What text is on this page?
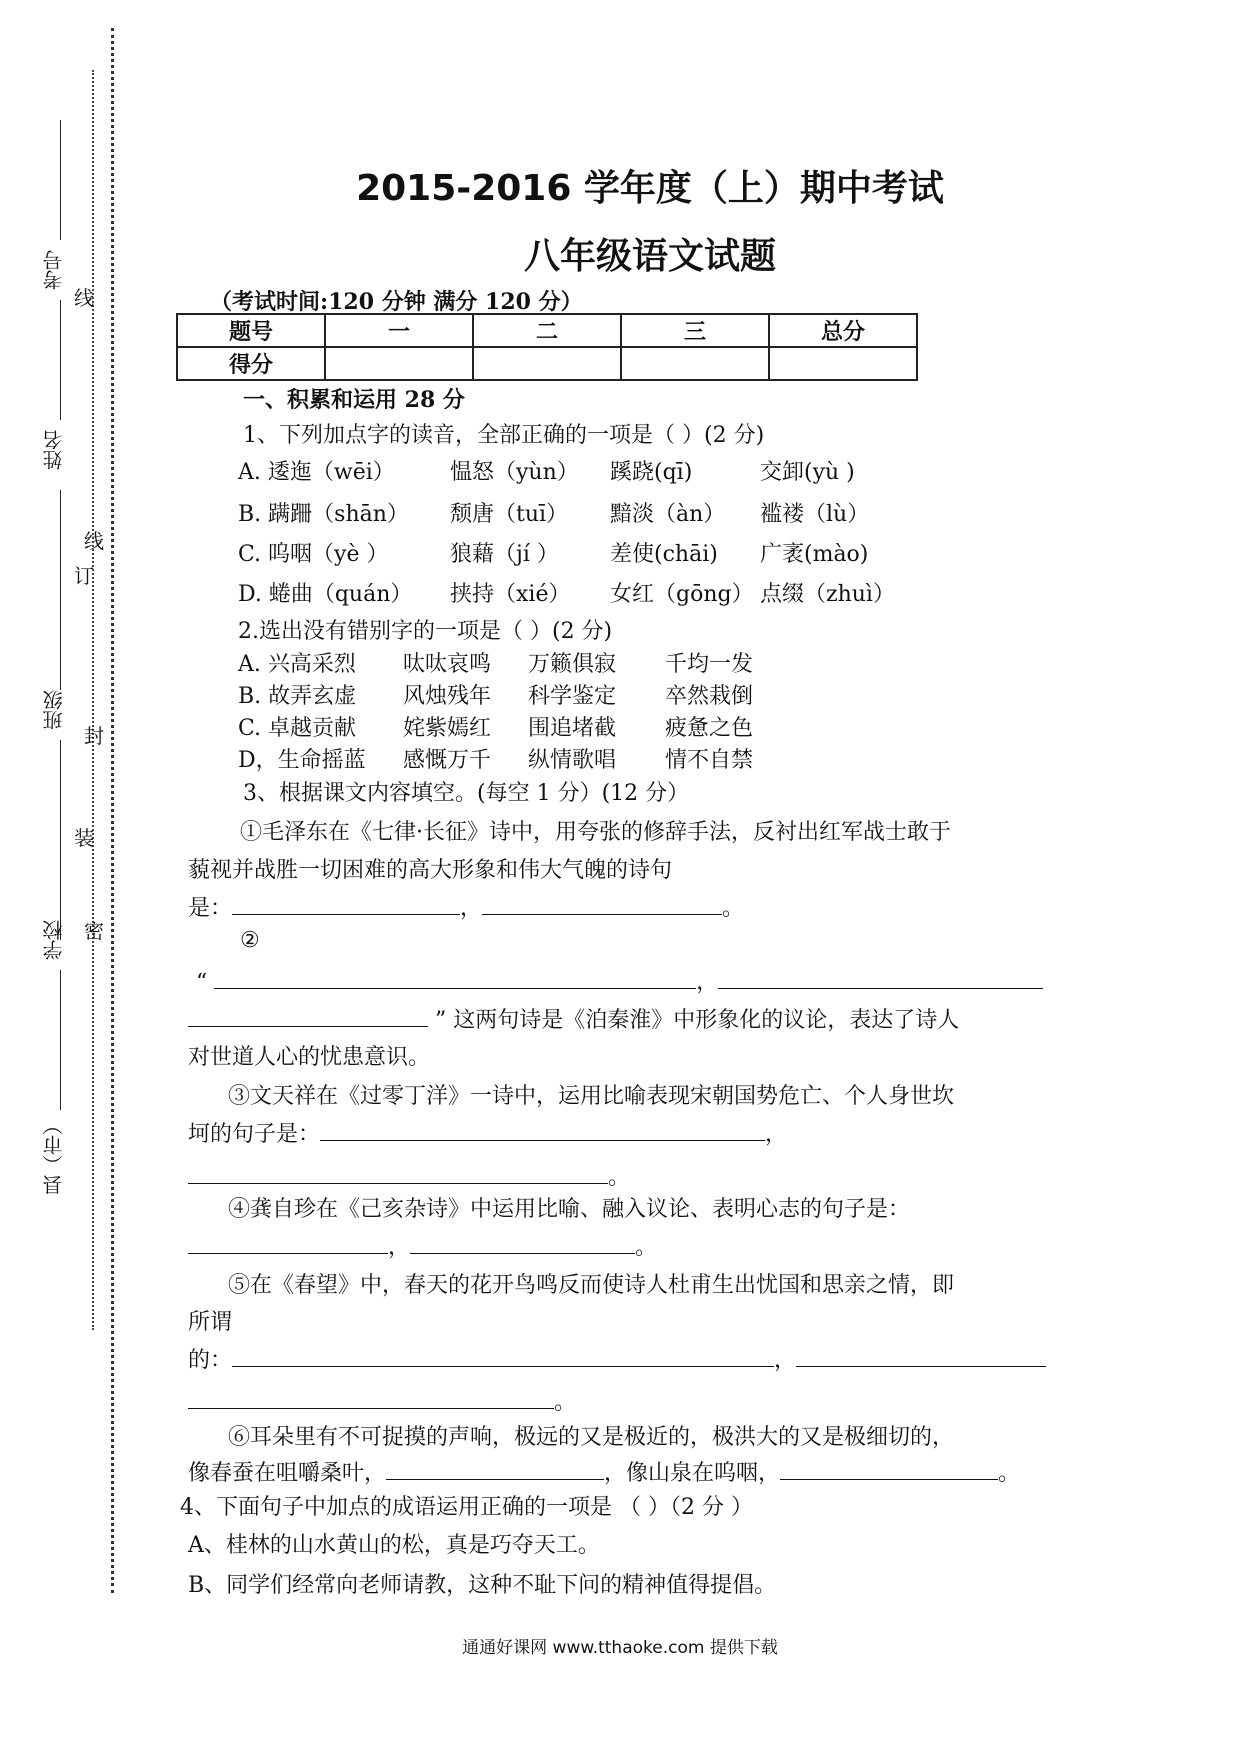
考号
姓名
班级
学校
县（市）
线
线
订
封
装
密
2015-2016 学年度（上）期中考试
八年级语文试题
（考试时间:120 分钟 满分 120 分）
题号	一	二	三	总分
得分				
一、积累和运用 28 分
1、下列加点字的读音，全部正确的一项是（ ）(2 分)
A. 逶迤（wēi）	愠怒（yùn） 蹊跷(qī)	交卸(yù )
B. 蹒跚（shān） 颓唐（tuī） 黯淡（àn） 褴褛（lù）
C. 呜咽（yè ）	狼藉（jí ） 差使(chāi) 广袤(mào)
D. 蜷曲（quán） 挟持（xié） 女红（gōng） 点缀（zhuì）
2.选出没有错别字的一项是（ ）(2 分)
A. 兴高采烈 呔呔哀鸣 万籁俱寂 千均一发
B. 故弄玄虚 风烛残年 科学鉴定 卒然栽倒
C. 卓越贡献 姹紫嫣红 围追堵截 疲惫之色
D，生命摇蓝 感慨万千 纵情歌唱 情不自禁
3、根据课文内容填空。(每空 1 分）(12 分）
①毛泽东在《七律·长征》诗中，用夸张的修辞手法，反衬出红军战士敢于
藐视并战胜一切困难的高大形象和伟大气魄的诗句
是：	，	。
②
“	，
” 这两句诗是《泊秦淮》中形象化的议论，表达了诗人
对世道人心的忧患意识。
③文天祥在《过零丁洋》一诗中，运用比喻表现宋朝国势危亡、个人身世坎
坷的句子是：	，
。
④龚自珍在《己亥杂诗》中运用比喻、融入议论、表明心志的句子是：
，	。
⑤在《春望》中，春天的花开鸟鸣反而使诗人杜甫生出忧国和思亲之情，即
所谓
的：	，
。
⑥耳朵里有不可捉摸的声响，极远的又是极近的，极洪大的又是极细切的，
像春蚕在咀嚼桑叶，	，像山泉在呜咽，	。
4、下面句子中加点的成语运用正确的一项是 （ ）（2 分 ）
A、桂林的山水黄山的松，真是巧夺天工。
B、同学们经常向老师请教，这种不耻下问的精神值得提倡。
通通好课网 www.tthaoke.com 提供下载
